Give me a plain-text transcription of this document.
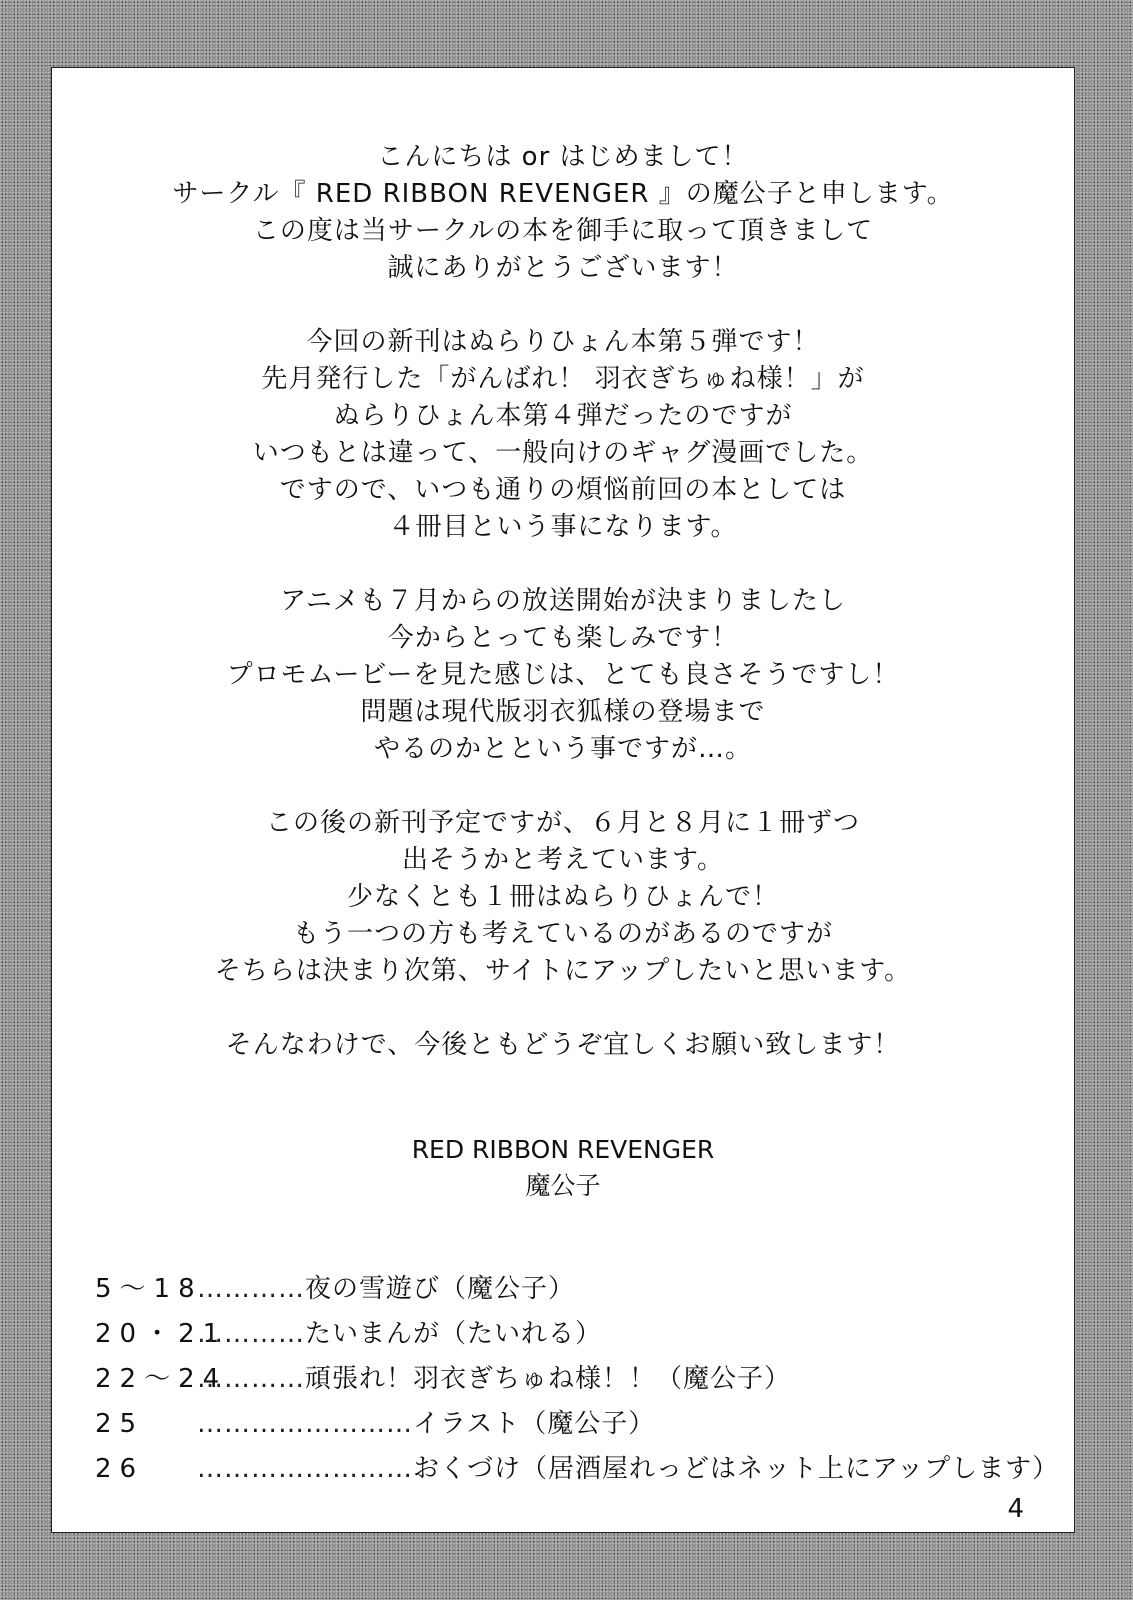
こんにちは or はじめまして！
サークル『 RED RIBBON REVENGER 』の魔公子と申します。
この度は当サークルの本を御手に取って頂きまして
誠にありがとうございます！
今回の新刊はぬらりひょん本第５弾です！
先月発行した「がんばれ！ 羽衣ぎちゅね様！」が
ぬらりひょん本第４弾だったのですが
いつもとは違って、一般向けのギャグ漫画でした。
ですので、いつも通りの煩悩前回の本としては
４冊目という事になります。
アニメも７月からの放送開始が決まりましたし
今からとっても楽しみです！
プロモムービーを見た感じは、とても良さそうですし！
問題は現代版羽衣狐様の登場まで
やるのかとという事ですが…。
この後の新刊予定ですが、６月と８月に１冊ずつ
出そうかと考えています。
少なくとも１冊はぬらりひょんで！
もう一つの方も考えているのがあるのですが
そちらは決まり次第、サイトにアップしたいと思います。
そんなわけで、今後ともどうぞ宜しくお願い致します！
RED RIBBON REVENGER
魔公子
5～18
………… 夜の雪遊び（魔公子）
20・21
………… たいまんが（たいれる）
22～24
………… 頑張れ！羽衣ぎちゅね様！！（魔公子）
25	…………………… イラスト（魔公子）
26	…………………… おくづけ（居酒屋れっどはネット上にアップします）
4
